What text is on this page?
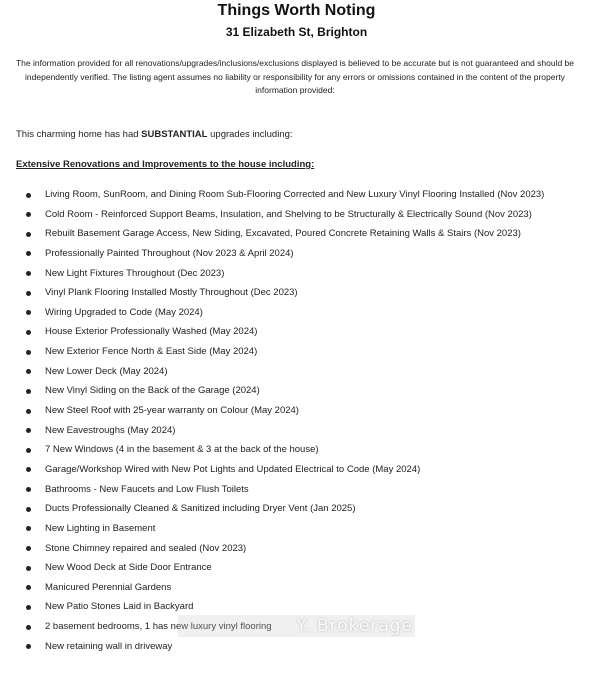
Things Worth Noting
31 Elizabeth St, Brighton
The information provided for all renovations/upgrades/inclusions/exclusions displayed is believed to be accurate but is not guaranteed and should be independently verified. The listing agent assumes no liability or responsibility for any errors or omissions contained in the content of the property information provided:
This charming home has had SUBSTANTIAL upgrades including:
Extensive Renovations and Improvements to the house including:
Living Room, SunRoom, and Dining Room Sub-Flooring Corrected and New Luxury Vinyl Flooring Installed (Nov 2023)
Cold Room - Reinforced Support Beams, Insulation, and Shelving to be Structurally & Electrically Sound (Nov 2023)
Rebuilt Basement Garage Access, New Siding, Excavated, Poured Concrete Retaining Walls & Stairs (Nov 2023)
Professionally Painted Throughout (Nov 2023 & April 2024)
New Light Fixtures Throughout (Dec 2023)
Vinyl Plank Flooring Installed Mostly Throughout (Dec 2023)
Wiring Upgraded to Code (May 2024)
House Exterior Professionally Washed (May 2024)
New Exterior Fence North & East Side (May 2024)
New Lower Deck (May 2024)
New Vinyl Siding on the Back of the Garage (2024)
New Steel Roof with 25-year warranty on Colour (May 2024)
New Eavestroughs (May 2024)
7 New Windows (4 in the basement & 3 at the back of the house)
Garage/Workshop Wired with New Pot Lights and Updated Electrical to Code (May 2024)
Bathrooms - New Faucets and Low Flush Toilets
Ducts Professionally Cleaned & Sanitized including Dryer Vent (Jan 2025)
New Lighting in Basement
Stone Chimney repaired and sealed (Nov 2023)
New Wood Deck at Side Door Entrance
Manicured Perennial Gardens
New Patio Stones Laid in Backyard
2 basement bedrooms, 1 has new luxury vinyl flooring
New retaining wall in driveway
Y. Brokerage
